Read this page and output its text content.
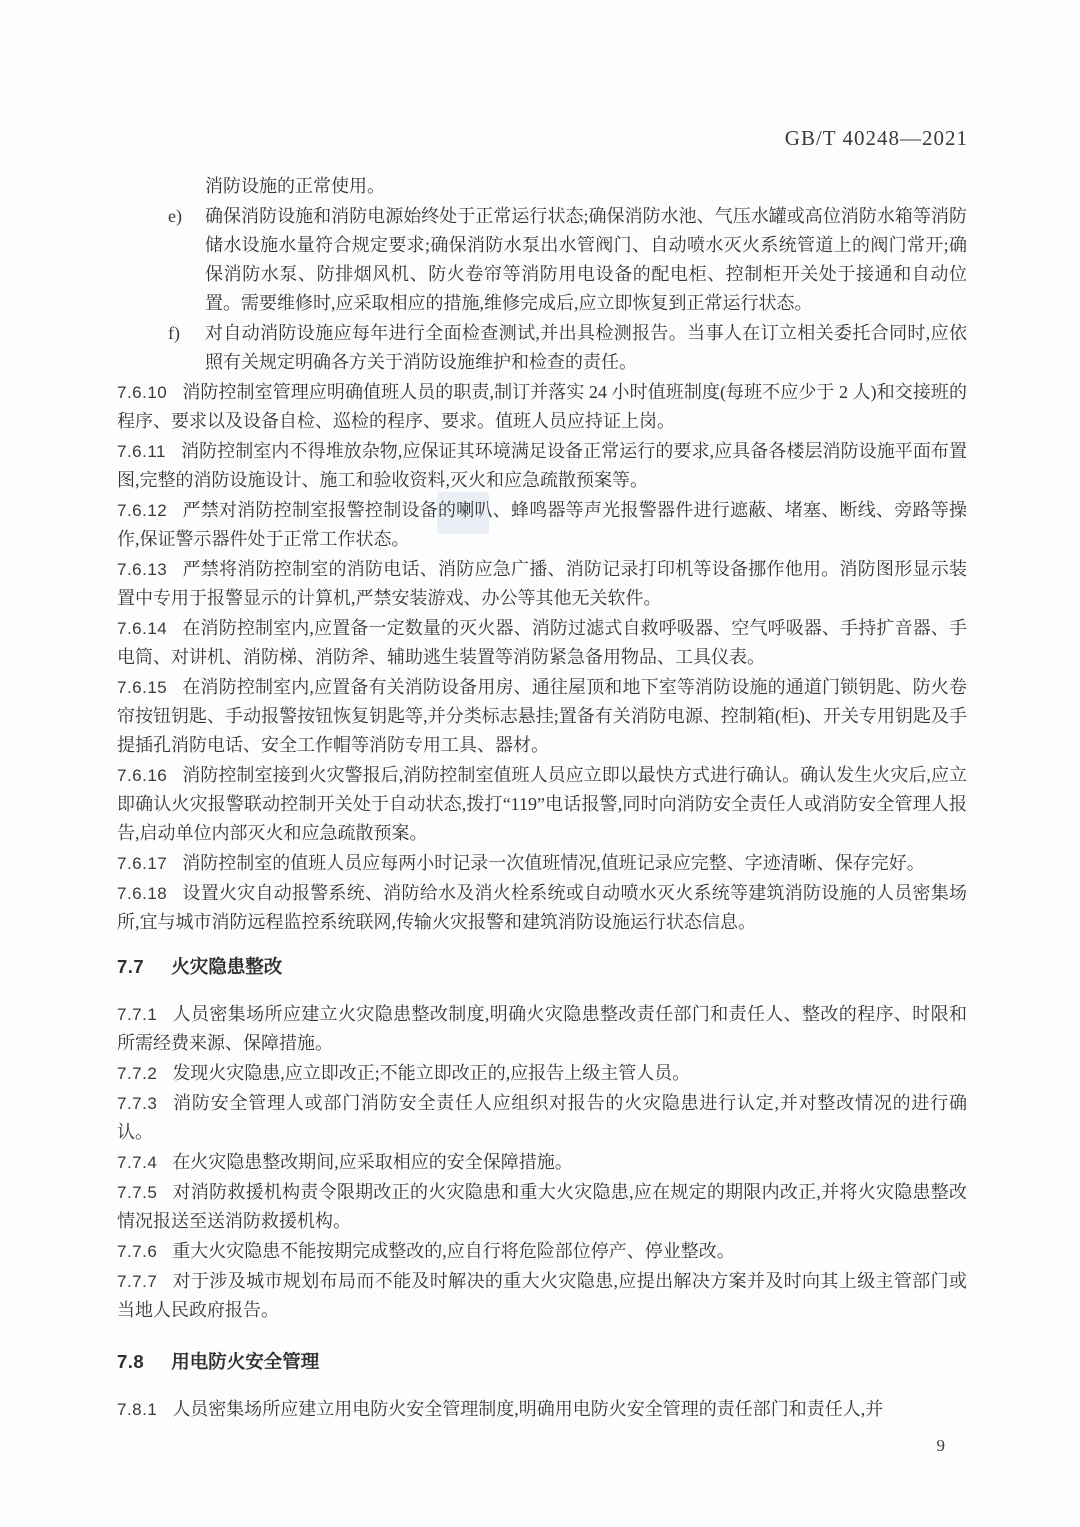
GB/T 40248—2021

消防设施的正常使用。

e) 确保消防设施和消防电源始终处于正常运行状态;确保消防水池、气压水罐或高位消防水箱等消防储水设施水量符合规定要求;确保消防水泵出水管阀门、自动喷水灭火系统管道上的阀门常开;确保消防水泵、防排烟风机、防火卷帘等消防用电设备的配电柜、控制柜开关处于接通和自动位置。需要维修时,应采取相应的措施,维修完成后,应立即恢复到正常运行状态。
f) 对自动消防设施应每年进行全面检查测试,并出具检测报告。当事人在订立相关委托合同时,应依照有关规定明确各方关于消防设施维护和检查的责任。

7.6.10 消防控制室管理应明确值班人员的职责,制订并落实 24 小时值班制度(每班不应少于 2 人)和交接班的程序、要求以及设备自检、巡检的程序、要求。值班人员应持证上岗。

7.6.11 消防控制室内不得堆放杂物,应保证其环境满足设备正常运行的要求,应具备各楼层消防设施平面布置图,完整的消防设施设计、施工和验收资料,灭火和应急疏散预案等。

7.6.12 严禁对消防控制室报警控制设备的喇叭、蜂鸣器等声光报警器件进行遮蔽、堵塞、断线、旁路等操作,保证警示器件处于正常工作状态。

7.6.13 严禁将消防控制室的消防电话、消防应急广播、消防记录打印机等设备挪作他用。消防图形显示装置中专用于报警显示的计算机,严禁安装游戏、办公等其他无关软件。

7.6.14 在消防控制室内,应置备一定数量的灭火器、消防过滤式自救呼吸器、空气呼吸器、手持扩音器、手电筒、对讲机、消防梯、消防斧、辅助逃生装置等消防紧急备用物品、工具仪表。

7.6.15 在消防控制室内,应置备有关消防设备用房、通往屋顶和地下室等消防设施的通道门锁钥匙、防火卷帘按钮钥匙、手动报警按钮恢复钥匙等,并分类标志悬挂;置备有关消防电源、控制箱(柜)、开关专用钥匙及手提插孔消防电话、安全工作帽等消防专用工具、器材。

7.6.16 消防控制室接到火灾警报后,消防控制室值班人员应立即以最快方式进行确认。确认发生火灾后,应立即确认火灾报警联动控制开关处于自动状态,拨打“119”电话报警,同时向消防安全责任人或消防安全管理人报告,启动单位内部灭火和应急疏散预案。

7.6.17 消防控制室的值班人员应每两小时记录一次值班情况,值班记录应完整、字迹清晰、保存完好。

7.6.18 设置火灾自动报警系统、消防给水及消火栓系统或自动喷水灭火系统等建筑消防设施的人员密集场所,宜与城市消防远程监控系统联网,传输火灾报警和建筑消防设施运行状态信息。

7.7 火灾隐患整改

7.7.1 人员密集场所应建立火灾隐患整改制度,明确火灾隐患整改责任部门和责任人、整改的程序、时限和所需经费来源、保障措施。

7.7.2 发现火灾隐患,应立即改正;不能立即改正的,应报告上级主管人员。

7.7.3 消防安全管理人或部门消防安全责任人应组织对报告的火灾隐患进行认定,并对整改情况的进行确认。

7.7.4 在火灾隐患整改期间,应采取相应的安全保障措施。

7.7.5 对消防救援机构责令限期改正的火灾隐患和重大火灾隐患,应在规定的期限内改正,并将火灾隐患整改情况报送至送消防救援机构。

7.7.6 重大火灾隐患不能按期完成整改的,应自行将危险部位停产、停业整改。

7.7.7 对于涉及城市规划布局而不能及时解决的重大火灾隐患,应提出解决方案并及时向其上级主管部门或当地人民政府报告。

7.8 用电防火安全管理

7.8.1 人员密集场所应建立用电防火安全管理制度,明确用电防火安全管理的责任部门和责任人,并

9
